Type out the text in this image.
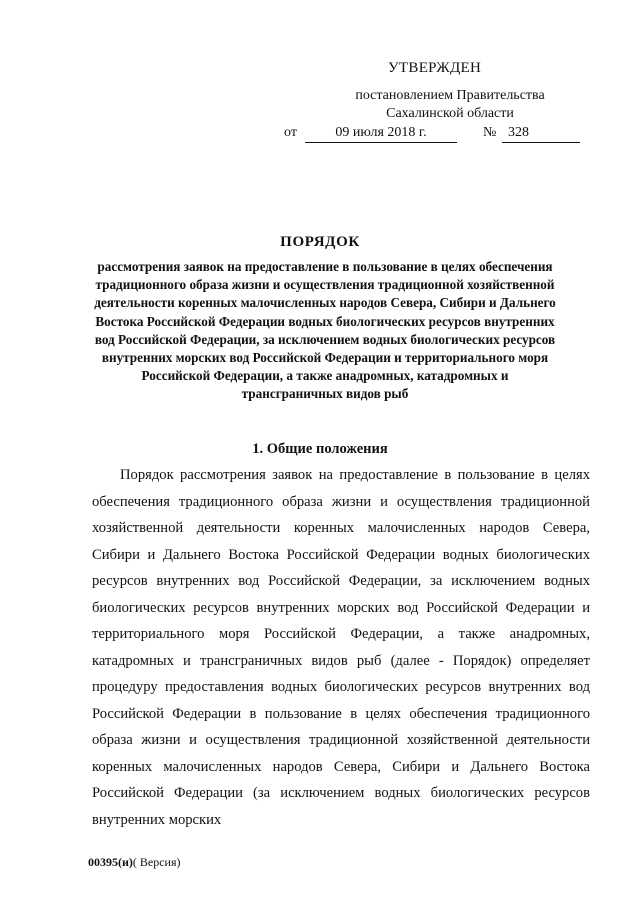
УТВЕРЖДЕН
постановлением Правительства
Сахалинской области
от	09 июля 2018 г.	№ 328
ПОРЯДОК

рассмотрения заявок на предоставление в пользование в целях обеспечения традиционного образа жизни и осуществления традиционной хозяйственной деятельности коренных малочисленных народов Севера, Сибири и Дальнего Востока Российской Федерации водных биологических ресурсов внутренних вод Российской Федерации, за исключением водных биологических ресурсов внутренних морских вод Российской Федерации и территориального моря Российской Федерации, а также анадромных, катадромных и трансграничных видов рыб

1. Общие положения

Порядок рассмотрения заявок на предоставление в пользование в целях обеспечения традиционного образа жизни и осуществления традиционной хозяйственной деятельности коренных малочисленных народов Севера, Сибири и Дальнего Востока Российской Федерации водных биологических ресурсов внутренних вод Российской Федерации, за исключением водных биологических ресурсов внутренних морских вод Российской Федерации и территориального моря Российской Федерации, а также анадромных, катадромных и трансграничных видов рыб (далее - Порядок) определяет процедуру предоставления водных биологических ресурсов внутренних вод Российской Федерации в пользование в целях обеспечения традиционного образа жизни и осуществления традиционной хозяйственной деятельности коренных малочисленных народов Севера, Сибири и Дальнего Востока Российской Федерации (за исключением водных биологических ресурсов внутренних морских

00395(и)( Версия)
